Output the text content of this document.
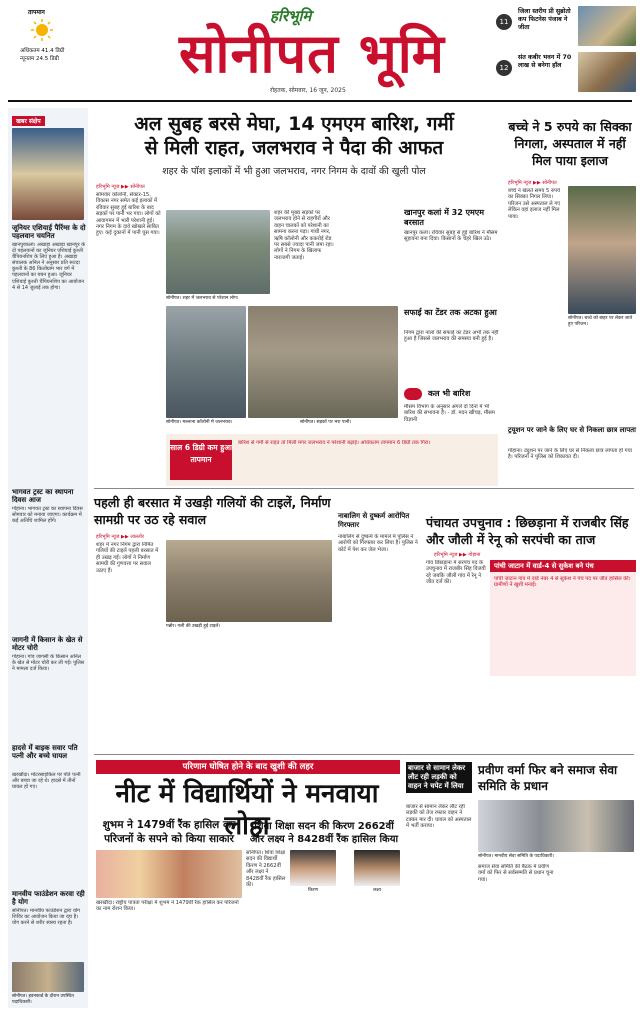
तापमान
अधिकतम 41.4 डिग्री
न्यूनतम 24.5 डिग्री
हरिभूमि
सोनीपत भूमि
रोहतक, सोमवार, 16 जून, 2025
11
जिला स्तरीय प्री सुब्रोतो कप फिटनेस पंजाब ने जीता
12
संत कबीर भवन में 70 लाख से बनेगा हॉल
खबर संक्षेप
जूनियर एशियाई पैरिंग्स के दो पहलवान चयनित
खानपुरकलां। अखाड़ा अखाड़ा खानपुर के दो पहलवानों का जूनियर एशियाई कुश्ती चैंपियनशिप के लिए हुआ है। अखाड़ा संचालक अनिल ने अनुसार प्रति रूटदा कुश्ती के 86 किलोग्राम भार वर्ग में पहलवानों का चयन हुआ। जूनियर एशियाई कुश्ती चैंपियनशिप का आयोजन 4 से 14 जुलाई तक होगा।
भागवत ट्रस्ट का स्थापना दिवस आज
गोहाना। भागवत ट्रस्ट का स्थापना दिवस सोमवार को मनाया जाएगा। कार्यक्रम में कई अतिथि शामिल होंगे।
जागनी में किसान के खेत से मोटर चोरी
गोहाना। गांव जागसी के किसान अनिल के खेत से मोटर चोरी कर ली गई। पुलिस ने मामला दर्ज किया।
हादसे में बाइक सवार पति पत्नी और बच्चे घायल
खरखौदा। मोटरसाइकिल पर पति पत्नी और बच्चा जा रहे थे। हादसे में तीनों घायल हो गए।
मानवीय फाउंडेशन करवा रही है योग
सोनीपत। मानवीय फाउंडेशन द्वारा योग शिविर का आयोजन किया जा रहा है। योग करने से शरीर स्वस्थ रहता है।
सोनीपत। हवनकार्ड के दौरान उपस्थित पदाधिकारी।
अल सुबह बरसे मेघा, 14 एमएम बारिश, गर्मी
से मिली राहत, जलभराव ने पैदा की आफत
शहर के पॉश इलाकों में भी हुआ जलभराव, नगर निगम के दावों की खुली पोल
हरिभूमि न्यूज ▶▶ सोनीपत
सोमवार कॉलोनी, सेक्टर-15, विकास नगर समेत कई इलाकों में रविवार सुबह हुई बारिश के बाद सड़कों पर पानी भर गया। लोगों को आवागमन में भारी परेशानी हुई। नगर निगम के दावे खोखले साबित हुए। कई दुकानों में पानी घुस गया।
सोनीपत। शहर में जलभराव से परेशान लोग।
शहर की मुख्य सड़कों पर जलभराव होने से राहगीरों और वाहन चालकों को परेशानी का सामना करना पड़ा। गांधी नगर, ऋषि कॉलोनी और ककरोई रोड पर सबसे ज्यादा पानी जमा रहा। लोगों ने निगम के खिलाफ नाराजगी जताई।
सोनीपत। मल्लाना कॉलोनी में जलभराव।	सोनीपत। सड़कों पर भरा पानी।
खानपुर कलां में 32 एमएम बरसात
खानपुर कलां। रविवार सुबह से हुई बारिश ने मौसम सुहावना बना दिया। किसानों के चेहरे खिल उठे।
सफाई का टेंडर तक अटका हुआ
निगम द्वारा नालों की सफाई का टेंडर अभी तक नहीं हुआ है जिससे जलभराव की समस्या बनी हुई है।
कल भी बारिश
मौसम विभाग के अनुसार अगले दो दिनों में भी बारिश की संभावना है। - डॉ. मदन खीचड़, मौसम विज्ञानी
साल 6 डिग्री कम हुआ तापमान
बारिश से गर्मी से राहत तो मिली मगर जलभराव ने परेशानी बढ़ाई। अधिकतम तापमान 6 डिग्री तक गिरा।
बच्चे ने 5 रुपये का सिक्का निगला, अस्पताल में नहीं मिल पाया इलाज
हरिभूमि न्यूज ▶▶ सोनीपत
बच्चे ने खेलते समय 5 रुपये का सिक्का निगल लिया। परिजन उसे अस्पताल ले गए लेकिन वहां इलाज नहीं मिल पाया।
सोनीपत। बच्चे को बाहर पर लेकर जाते हुए परिजन।
ट्रयूशन पर जाने के लिए घर से निकला छात्र लापता
गोहाना। ट्यूशन पर जाने के लिए घर से निकला छात्र लापता हो गया है। परिजनों ने पुलिस को शिकायत दी।
पहली ही बरसात में उखड़ी गलियों की टाइलें, निर्माण सामग्री पर उठ रहे सवाल
हरिभूमि न्यूज ▶▶ लाल्लोर
शहर में नगर निगम द्वारा निर्मित गलियों की टाइलें पहली बरसात में ही उखड़ गईं। लोगों ने निर्माण सामग्री की गुणवत्ता पर सवाल उठाए हैं।
गन्नौर। गली की उखड़ी हुई टाइलें।
नाबालिग से दुष्कर्म आरोपित गिरफ्तार
नाबालिग से दुष्कर्म के मामले में पुलिस ने आरोपी को गिरफ्तार कर लिया है। पुलिस ने कोर्ट में पेश कर जेल भेजा।
पंचायत उपचुनाव : छिछड़ाना में राजबीर सिंह और जौली में रेनू को सरपंची का ताज
हरिभूमि न्यूज ▶▶ गोहाना
गांव छिछड़ाना में सरपंच पद के उपचुनाव में राजबीर सिंह विजयी रहे जबकि जौली गांव में रेनू ने जीत दर्ज की।
पांची जाटान में वार्ड-4 से सुकेश बने पंच
पांची जाटान गांव में वार्ड नंबर 4 से सुकेश ने पंच पद पर जीत हासिल की। ग्रामीणों ने खुशी मनाई।
परिणाम घोषित होने के बाद खुशी की लहर
नीट में विद्यार्थियों ने मनवाया लोहा
शुभम ने 1479वीं रैंक हासिल कर परिजनों के सपने को किया साकार
खरखौदा। राष्ट्रीय पात्रता परीक्षा में शुभम ने 1479वीं रैंक हासिल कर परिजनों का नाम रोशन किया।
शिवा शिक्षा सदन की किरण 2662वीं और लक्ष्य ने 8428वीं रैंक हासिल किया
सोनीपत। शिवा शिक्षा सदन की विद्यार्थी किरण ने 2662वीं और लक्ष्य ने 8428वीं रैंक हासिल की।
किरण	लक्ष्य
बाजार से सामान लेकर लौट रही लड़की को वाहन ने चपेट में लिया
बाजार से सामान लेकर लौट रही लड़की को तेज रफ्तार वाहन ने टक्कर मार दी। घायल को अस्पताल में भर्ती कराया।
प्रवीण वर्मा फिर बने समाज सेवा समिति के प्रधान
सोनीपत। मानवीय सेवा समिति के पदाधिकारी।
समाज सेवा समिति की बैठक में प्रवीण वर्मा को फिर से सर्वसम्मति से प्रधान चुना गया।
